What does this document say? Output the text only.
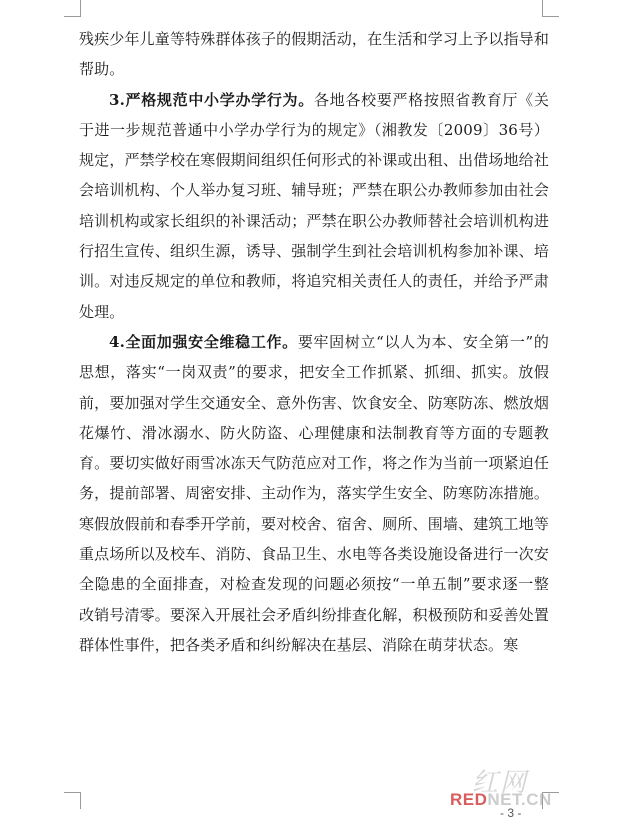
残疾少年儿童等特殊群体孩子的假期活动，在生活和学习上予以指导和帮助。

3.严格规范中小学办学行为。各地各校要严格按照省教育厅《关于进一步规范普通中小学办学行为的规定》（湘教发〔2009〕36号）规定，严禁学校在寒假期间组织任何形式的补课或出租、出借场地给社会培训机构、个人举办复习班、辅导班；严禁在职公办教师参加由社会培训机构或家长组织的补课活动；严禁在职公办教师替社会培训机构进行招生宣传、组织生源，诱导、强制学生到社会培训机构参加补课、培训。对违反规定的单位和教师，将追究相关责任人的责任，并给予严肃处理。

4.全面加强安全维稳工作。要牢固树立“以人为本、安全第一”的思想，落实“一岗双责”的要求，把安全工作抓紧、抓细、抓实。放假前，要加强对学生交通安全、意外伤害、饮食安全、防寒防冻、燃放烟花爆竹、滑冰溺水、防火防盗、心理健康和法制教育等方面的专题教育。要切实做好雨雪冰冻天气防范应对工作，将之作为当前一项紧迫任务，提前部署、周密安排、主动作为，落实学生安全、防寒防冻措施。寒假放假前和春季开学前，要对校舍、宿舍、厕所、围墙、建筑工地等重点场所以及校车、消防、食品卫生、水电等各类设施设备进行一次安全隐患的全面排查，对检查发现的问题必须按“一单五制”要求逐一整改销号清零。要深入开展社会矛盾纠纷排查化解，积极预防和妥善处置群体性事件，把各类矛盾和纠纷解决在基层、消除在萌芽状态。寒

- 3 -
红网
REDNET.CN
